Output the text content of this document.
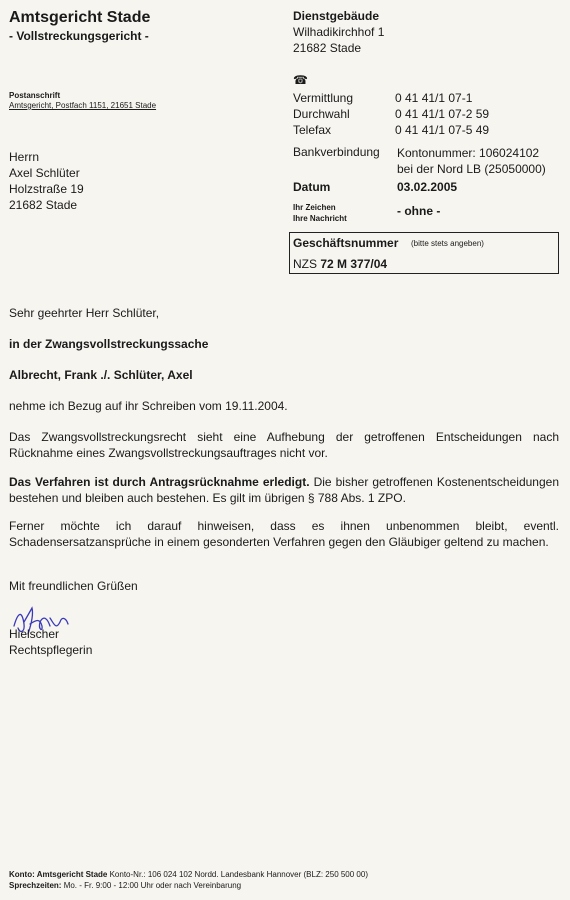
Amtsgericht Stade
- Vollstreckungsgericht -
Postanschrift
Amtsgericht, Postfach 1151, 21651 Stade
Herrn
Axel Schlüter
Holzstraße 19
21682 Stade
Dienstgebäude
Wilhadikirchhof 1
21682 Stade
☎
Vermittlung	0 41 41/1 07-1
Durchwahl	0 41 41/1 07-2 59
Telefax	0 41 41/1 07-5 49
Bankverbindung Kontonummer: 106024102
bei der Nord LB (25050000)
Datum	03.02.2005
Ihr Zeichen
Ihre Nachricht
- ohne -
Geschäftsnummer (bitte stets angeben)
NZS 72 M 377/04
Sehr geehrter Herr Schlüter,
in der Zwangsvollstreckungssache
Albrecht, Frank ./. Schlüter, Axel
nehme ich Bezug auf ihr Schreiben vom 19.11.2004.
Das Zwangsvollstreckungsrecht sieht eine Aufhebung der getroffenen Entscheidungen nach Rücknahme eines Zwangsvollstreckungsauftrages nicht vor.
Das Verfahren ist durch Antragsrücknahme erledigt. Die bisher getroffenen Kostenentscheidungen bestehen und bleiben auch bestehen. Es gilt im übrigen § 788 Abs. 1 ZPO.
Ferner möchte ich darauf hinweisen, dass es ihnen unbenommen bleibt, eventl. Schadensersatzansprüche in einem gesonderten Verfahren gegen den Gläubiger geltend zu machen.
Mit freundlichen Grüßen
Hielscher
Rechtspflegerin
Konto: Amtsgericht Stade Konto-Nr.: 106 024 102 Nordd. Landesbank Hannover (BLZ: 250 500 00)
Sprechzeiten: Mo. - Fr. 9:00 - 12:00 Uhr oder nach Vereinbarung
